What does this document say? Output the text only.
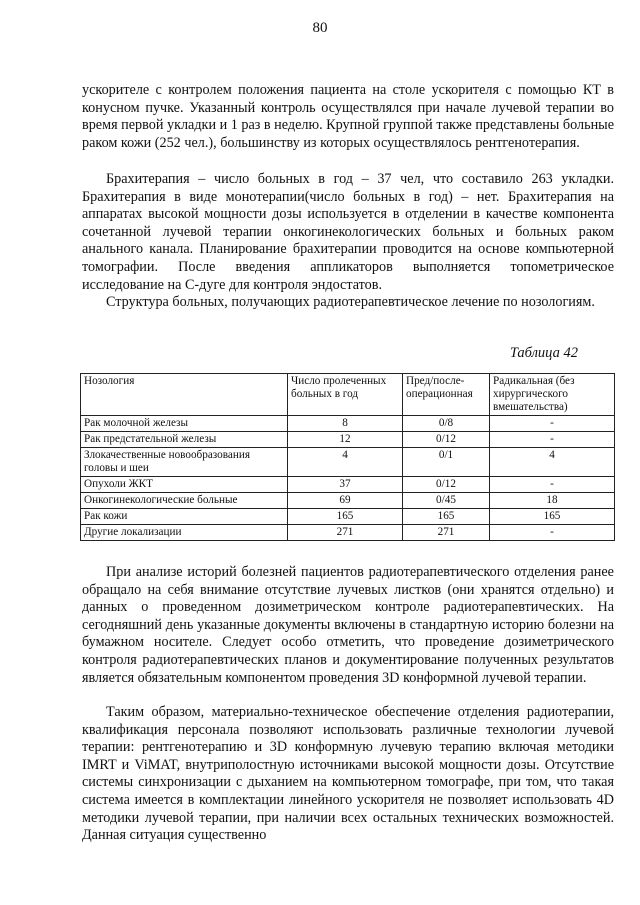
80

ускорителе с контролем положения пациента на столе ускорителя с помощью КТ в конусном пучке. Указанный контроль осуществлялся при начале лучевой терапии во время первой укладки и 1 раз в неделю. Крупной группой также представлены больные раком кожи (252 чел.), большинству из которых осуществлялось рентгенотерапия.

Брахитерапия – число больных в год – 37 чел, что составило 263 укладки. Брахитерапия в виде монотерапии(число больных в год) – нет. Брахитерапия на аппаратах высокой мощности дозы используется в отделении в качестве компонента сочетанной лучевой терапии онкогинекологических больных и больных раком анального канала. Планирование брахитерапии проводится на основе компьютерной томографии. После введения аппликаторов выполняется топометрическое исследование на С-дуге для контроля эндостатов.

Структура больных, получающих радиотерапевтическое лечение по нозологиям.

Таблица 42
Нозология	Число пролеченных больных в год	Пред/после-операционная	Радикальная (без хирургического вмешательства)
Рак молочной железы	8	0/8	-
Рак предстательной железы	12	0/12	-
Злокачественные новообразования головы и шеи	4	0/1	4
Опухоли ЖКТ	37	0/12	-
Онкогинекологические больные	69	0/45	18
Рак кожи	165	165	165
Другие локализации	271	271	-

При анализе историй болезней пациентов радиотерапевтического отделения ранее обращало на себя внимание отсутствие лучевых листков (они хранятся отдельно) и данных о проведенном дозиметрическом контроле радиотерапевтических. На сегодняшний день указанные документы включены в стандартную историю болезни на бумажном носителе. Следует особо отметить, что проведение дозиметрического контроля радиотерапевтических планов и документирование полученных результатов является обязательным компонентом проведения 3D конформной лучевой терапии.

Таким образом, материально-техническое обеспечение отделения радиотерапии, квалификация персонала позволяют использовать различные технологии лучевой терапии: рентгенотерапию и 3D конформную лучевую терапию включая методики IMRT и ViMAT, внутриполостную источниками высокой мощности дозы. Отсутствие системы синхронизации с дыханием на компьютерном томографе, при том, что такая система имеется в комплектации линейного ускорителя не позволяет использовать 4D методики лучевой терапии, при наличии всех остальных технических возможностей. Данная ситуация существенно
